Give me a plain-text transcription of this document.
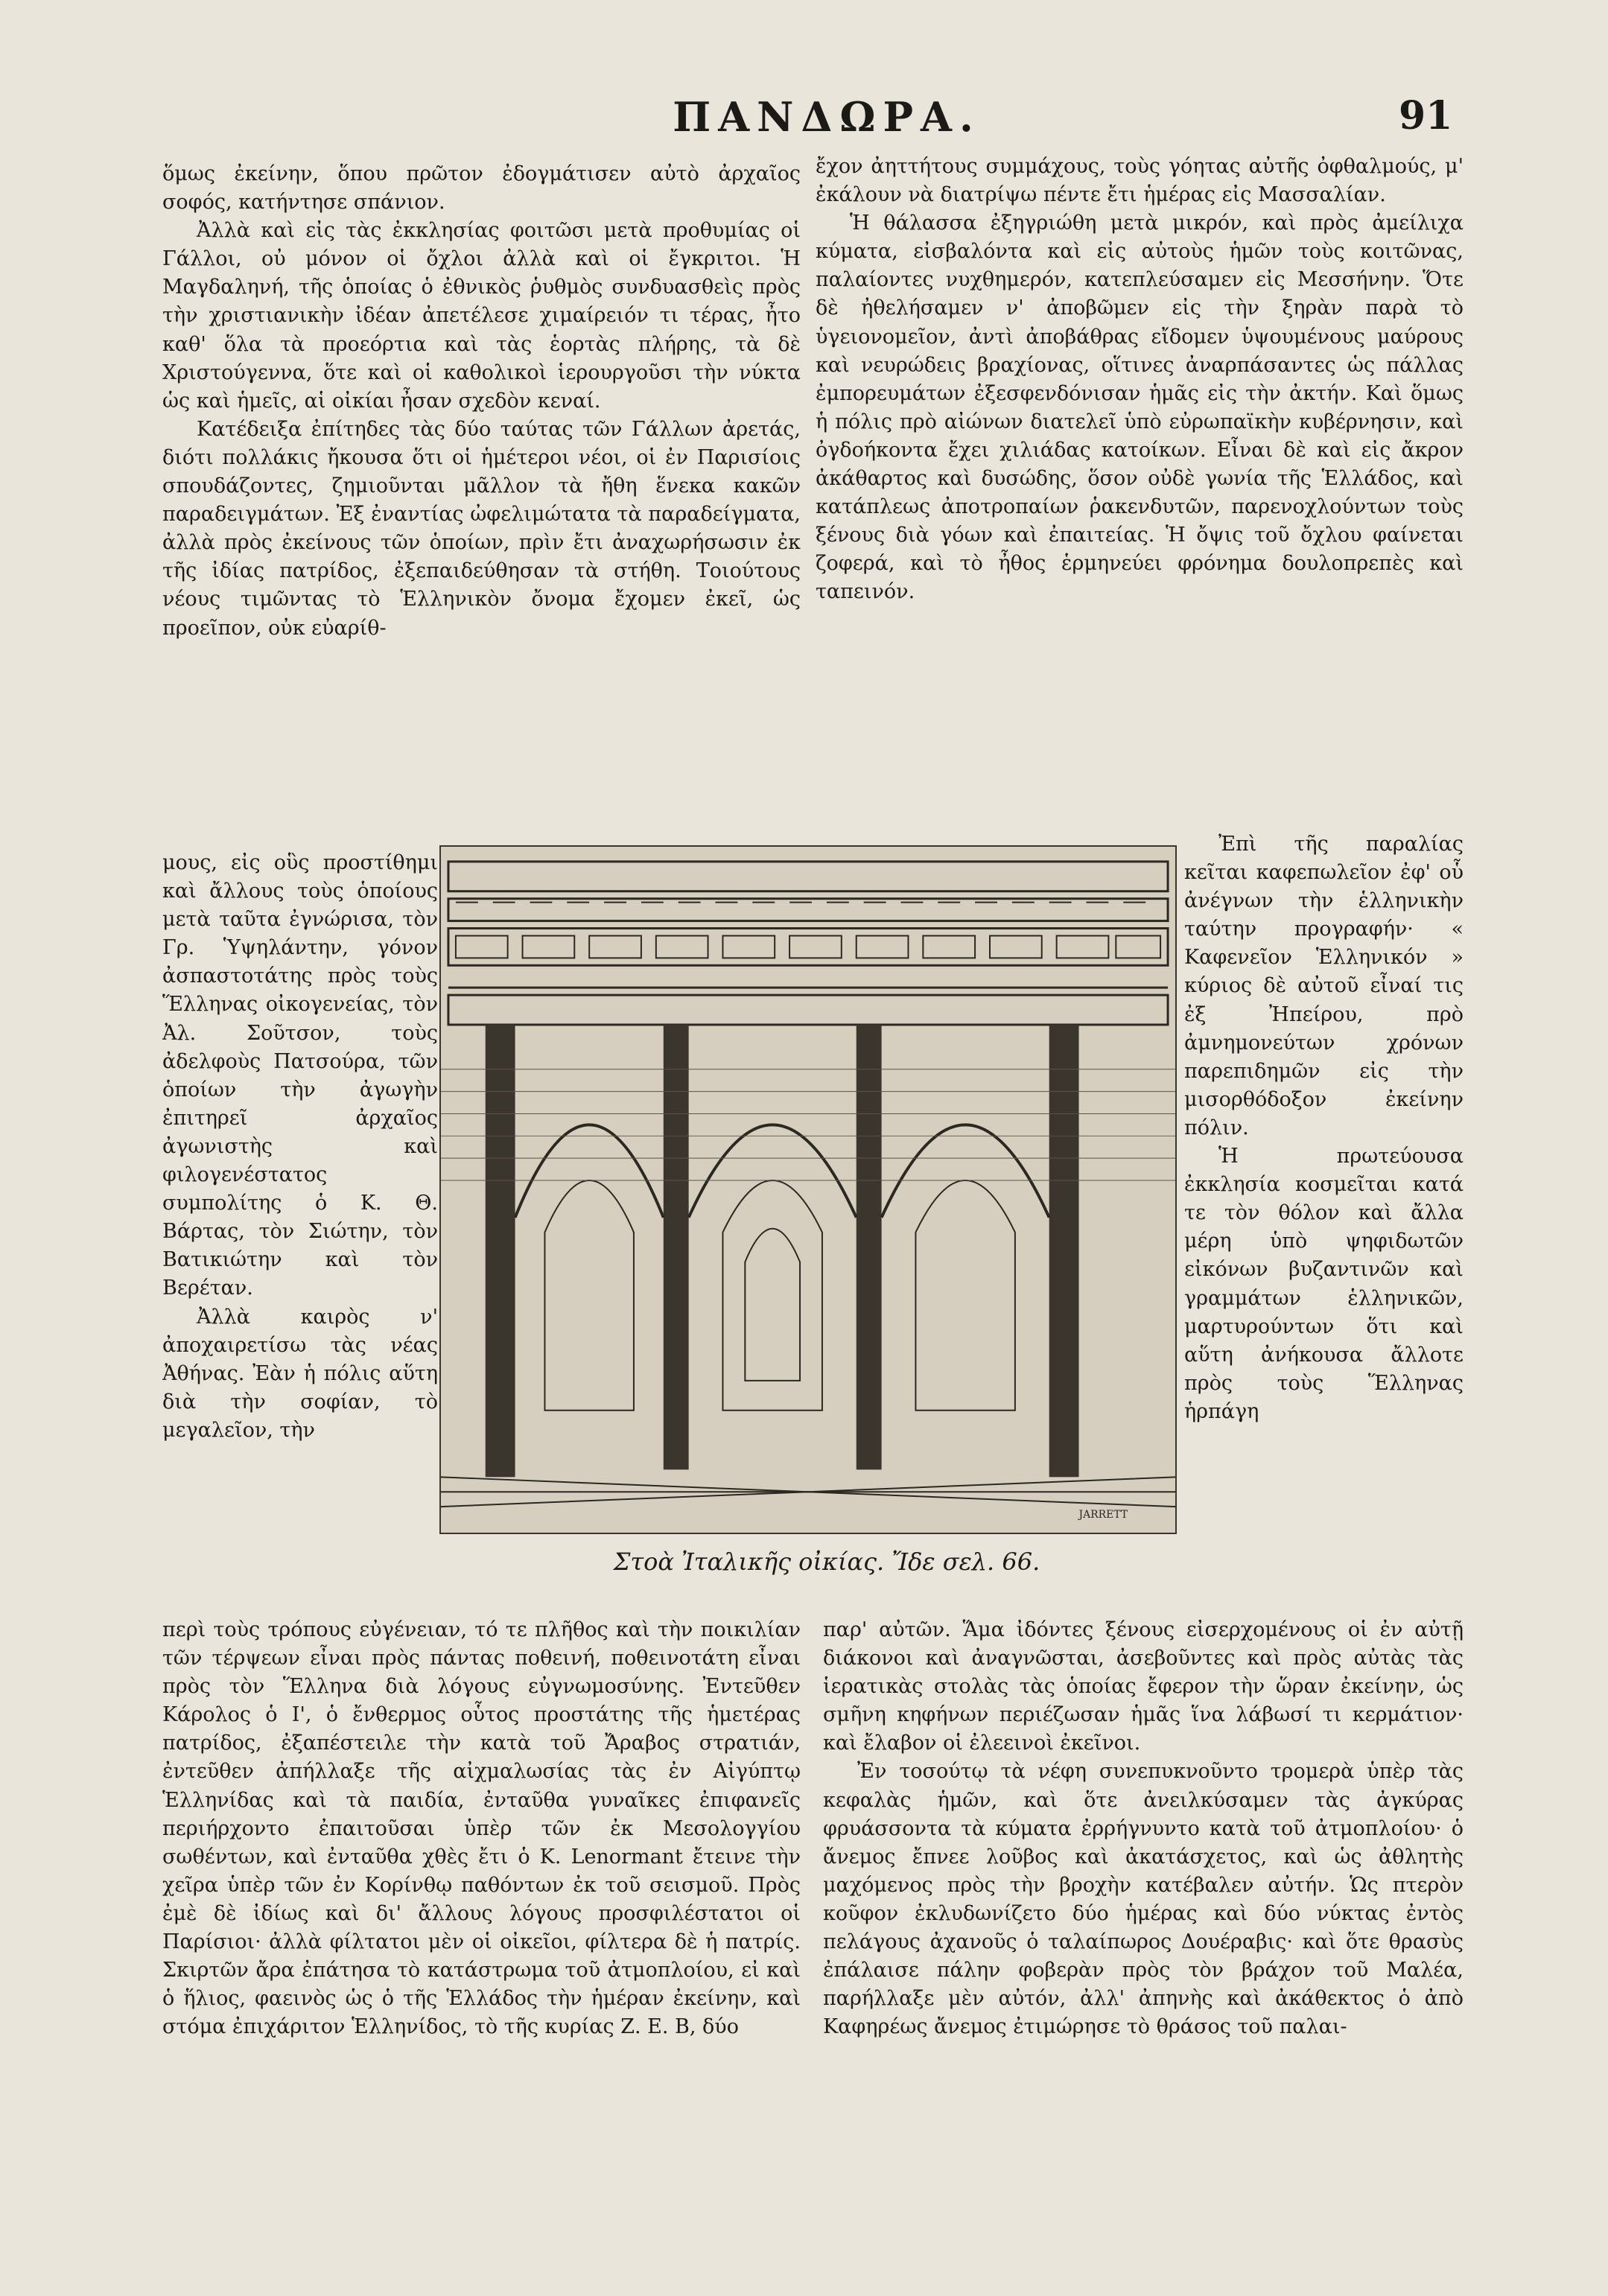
ΠΑΝΔΩΡΑ.	91

ὅμως ἐκείνην, ὅπου πρῶτον ἐδογμάτισεν αὐτὸ ἀρχαῖος σοφός, κατήντησε σπάνιον.

Ἀλλὰ καὶ εἰς τὰς ἐκκλησίας φοιτῶσι μετὰ προθυμίας οἱ Γάλλοι, οὐ μόνον οἱ ὄχλοι ἀλλὰ καὶ οἱ ἔγκριτοι. Ἡ Μαγδαληνή, τῆς ὁποίας ὁ ἐθνικὸς ῥυθμὸς συνδυασθεὶς πρὸς τὴν χριστιανικὴν ἰδέαν ἀπετέλεσε χιμαίρειόν τι τέρας, ἦτο καθ' ὅλα τὰ προεόρτια καὶ τὰς ἑορτὰς πλήρης, τὰ δὲ Χριστούγεννα, ὅτε καὶ οἱ καθολικοὶ ἱερουργοῦσι τὴν νύκτα ὡς καὶ ἡμεῖς, αἱ οἰκίαι ἦσαν σχεδὸν κεναί.

Κατέδειξα ἐπίτηδες τὰς δύο ταύτας τῶν Γάλλων ἀρετάς, διότι πολλάκις ἤκουσα ὅτι οἱ ἡμέτεροι νέοι, οἱ ἐν Παρισίοις σπουδάζοντες, ζημιοῦνται μᾶλλον τὰ ἤθη ἕνεκα κακῶν παραδειγμάτων. Ἐξ ἐναντίας ὠφελιμώτατα τὰ παραδείγματα, ἀλλὰ πρὸς ἐκείνους τῶν ὁποίων, πρὶν ἔτι ἀναχωρήσωσιν ἐκ τῆς ἰδίας πατρίδος, ἐξεπαιδεύθησαν τὰ στήθη. Τοιούτους νέους τιμῶντας τὸ Ἑλληνικὸν ὄνομα ἔχομεν ἐκεῖ, ὡς προεῖπον, οὐκ εὐαρίθ-

ἔχον ἀηττήτους συμμάχους, τοὺς γόητας αὐτῆς ὀφθαλμούς, μ' ἐκάλουν νὰ διατρίψω πέντε ἔτι ἡμέρας εἰς Μασσαλίαν.

Ἡ θάλασσα ἐξηγριώθη μετὰ μικρόν, καὶ πρὸς ἀμείλιχα κύματα, εἰσβαλόντα καὶ εἰς αὐτοὺς ἡμῶν τοὺς κοιτῶνας, παλαίοντες νυχθημερόν, κατεπλεύσαμεν εἰς Μεσσήνην. Ὅτε δὲ ἠθελήσαμεν ν' ἀποβῶμεν εἰς τὴν ξηρὰν παρὰ τὸ ὑγειονομεῖον, ἀντὶ ἀποβάθρας εἴδομεν ὑψουμένους μαύρους καὶ νευρώδεις βραχίονας, οἵτινες ἀναρπάσαντες ὡς πάλλας ἐμπορευμάτων ἐξεσφενδόνισαν ἡμᾶς εἰς τὴν ἀκτήν. Καὶ ὅμως ἡ πόλις πρὸ αἰώνων διατελεῖ ὑπὸ εὐρωπαϊκὴν κυβέρνησιν, καὶ ὀγδοήκοντα ἔχει χιλιάδας κατοίκων. Εἶναι δὲ καὶ εἰς ἄκρον ἀκάθαρτος καὶ δυσώδης, ὅσον οὐδὲ γωνία τῆς Ἑλλάδος, καὶ κατάπλεως ἀποτροπαίων ῥακενδυτῶν, παρενοχλούντων τοὺς ξένους διὰ γόων καὶ ἐπαιτείας. Ἡ ὄψις τοῦ ὄχλου φαίνεται ζοφερά, καὶ τὸ ἦθος ἑρμηνεύει φρόνημα δουλοπρεπὲς καὶ ταπεινόν.

μους, εἰς οὓς προστίθημι καὶ ἄλλους τοὺς ὁποίους μετὰ ταῦτα ἐγνώρισα, τὸν Γρ. Ὑψηλάντην, γόνον ἀσπαστοτάτης πρὸς τοὺς Ἕλληνας οἰκογενείας, τὸν Ἀλ. Σοῦτσον, τοὺς ἀδελφοὺς Πατσούρα, τῶν ὁποίων τὴν ἀγωγὴν ἐπιτηρεῖ ἀρχαῖος ἀγωνιστὴς καὶ φιλογενέστατος συμπολίτης ὁ Κ. Θ. Βάρτας, τὸν Σιώτην, τὸν Βατικιώτην καὶ τὸν Βερέταν.

Ἀλλὰ καιρὸς ν' ἀποχαιρετίσω τὰς νέας Ἀθήνας. Ἐὰν ἡ πόλις αὕτη διὰ τὴν σοφίαν, τὸ μεγαλεῖον, τὴν

JARRETT
Στοὰ Ἰταλικῆς οἰκίας. Ἴδε σελ. 66.

Ἐπὶ τῆς παραλίας κεῖται καφεπωλεῖον ἐφ' οὗ ἀνέγνων τὴν ἑλληνικὴν ταύτην προγραφήν· « Καφενεῖον Ἑλληνικόν » κύριος δὲ αὐτοῦ εἶναί τις ἐξ Ἠπείρου, πρὸ ἀμνημονεύτων χρόνων παρεπιδημῶν εἰς τὴν μισορθόδοξον ἐκείνην πόλιν.

Ἡ πρωτεύουσα ἐκκλησία κοσμεῖται κατά τε τὸν θόλον καὶ ἄλλα μέρη ὑπὸ ψηφιδωτῶν εἰκόνων βυζαντινῶν καὶ γραμμάτων ἑλληνικῶν, μαρτυρούντων ὅτι καὶ αὕτη ἀνήκουσα ἄλλοτε πρὸς τοὺς Ἕλληνας ἡρπάγη

περὶ τοὺς τρόπους εὐγένειαν, τό τε πλῆθος καὶ τὴν ποικιλίαν τῶν τέρψεων εἶναι πρὸς πάντας ποθεινή, ποθεινοτάτη εἶναι πρὸς τὸν Ἕλληνα διὰ λόγους εὐγνωμοσύνης. Ἐντεῦθεν Κάρολος ὁ Ι', ὁ ἔνθερμος οὗτος προστάτης τῆς ἡμετέρας πατρίδος, ἐξαπέστειλε τὴν κατὰ τοῦ Ἄραβος στρατιάν, ἐντεῦθεν ἀπήλλαξε τῆς αἰχμαλωσίας τὰς ἐν Αἰγύπτῳ Ἑλληνίδας καὶ τὰ παιδία, ἐνταῦθα γυναῖκες ἐπιφανεῖς περιήρχοντο ἐπαιτοῦσαι ὑπὲρ τῶν ἐκ Μεσολογγίου σωθέντων, καὶ ἐνταῦθα χθὲς ἔτι ὁ Κ. Lenormant ἔτεινε τὴν χεῖρα ὑπὲρ τῶν ἐν Κορίνθῳ παθόντων ἐκ τοῦ σεισμοῦ. Πρὸς ἐμὲ δὲ ἰδίως καὶ δι' ἄλλους λόγους προσφιλέστατοι οἱ Παρίσιοι· ἀλλὰ φίλτατοι μὲν οἱ οἰκεῖοι, φίλτερα δὲ ἡ πατρίς. Σκιρτῶν ἄρα ἐπάτησα τὸ κατάστρωμα τοῦ ἀτμοπλοίου, εἰ καὶ ὁ ἥλιος, φαεινὸς ὡς ὁ τῆς Ἑλλάδος τὴν ἡμέραν ἐκείνην, καὶ στόμα ἐπιχάριτον Ἑλληνίδος, τὸ τῆς κυρίας Ζ. Ε. Β, δύο

παρ' αὐτῶν. Ἅμα ἰδόντες ξένους εἰσερχομένους οἱ ἐν αὐτῇ διάκονοι καὶ ἀναγνῶσται, ἀσεβοῦντες καὶ πρὸς αὐτὰς τὰς ἱερατικὰς στολὰς τὰς ὁποίας ἔφερον τὴν ὥραν ἐκείνην, ὡς σμῆνη κηφήνων περιέζωσαν ἡμᾶς ἵνα λάβωσί τι κερμάτιον· καὶ ἔλαβον οἱ ἐλεεινοὶ ἐκεῖνοι.

Ἐν τοσούτῳ τὰ νέφη συνεπυκνοῦντο τρομερὰ ὑπὲρ τὰς κεφαλὰς ἡμῶν, καὶ ὅτε ἀνειλκύσαμεν τὰς ἀγκύρας φρυάσσοντα τὰ κύματα ἐρρήγνυντο κατὰ τοῦ ἀτμοπλοίου· ὁ ἄνεμος ἔπνεε λοῦβος καὶ ἀκατάσχετος, καὶ ὡς ἀθλητὴς μαχόμενος πρὸς τὴν βροχὴν κατέβαλεν αὐτήν. Ὡς πτερὸν κοῦφον ἐκλυδωνίζετο δύο ἡμέρας καὶ δύο νύκτας ἐντὸς πελάγους ἀχανοῦς ὁ ταλαίπωρος Δουέραβις· καὶ ὅτε θρασὺς ἐπάλαισε πάλην φοβερὰν πρὸς τὸν βράχον τοῦ Μαλέα, παρήλλαξε μὲν αὐτόν, ἀλλ' ἀπηνὴς καὶ ἀκάθεκτος ὁ ἀπὸ Καφηρέως ἄνεμος ἐτιμώρησε τὸ θράσος τοῦ παλαι-
